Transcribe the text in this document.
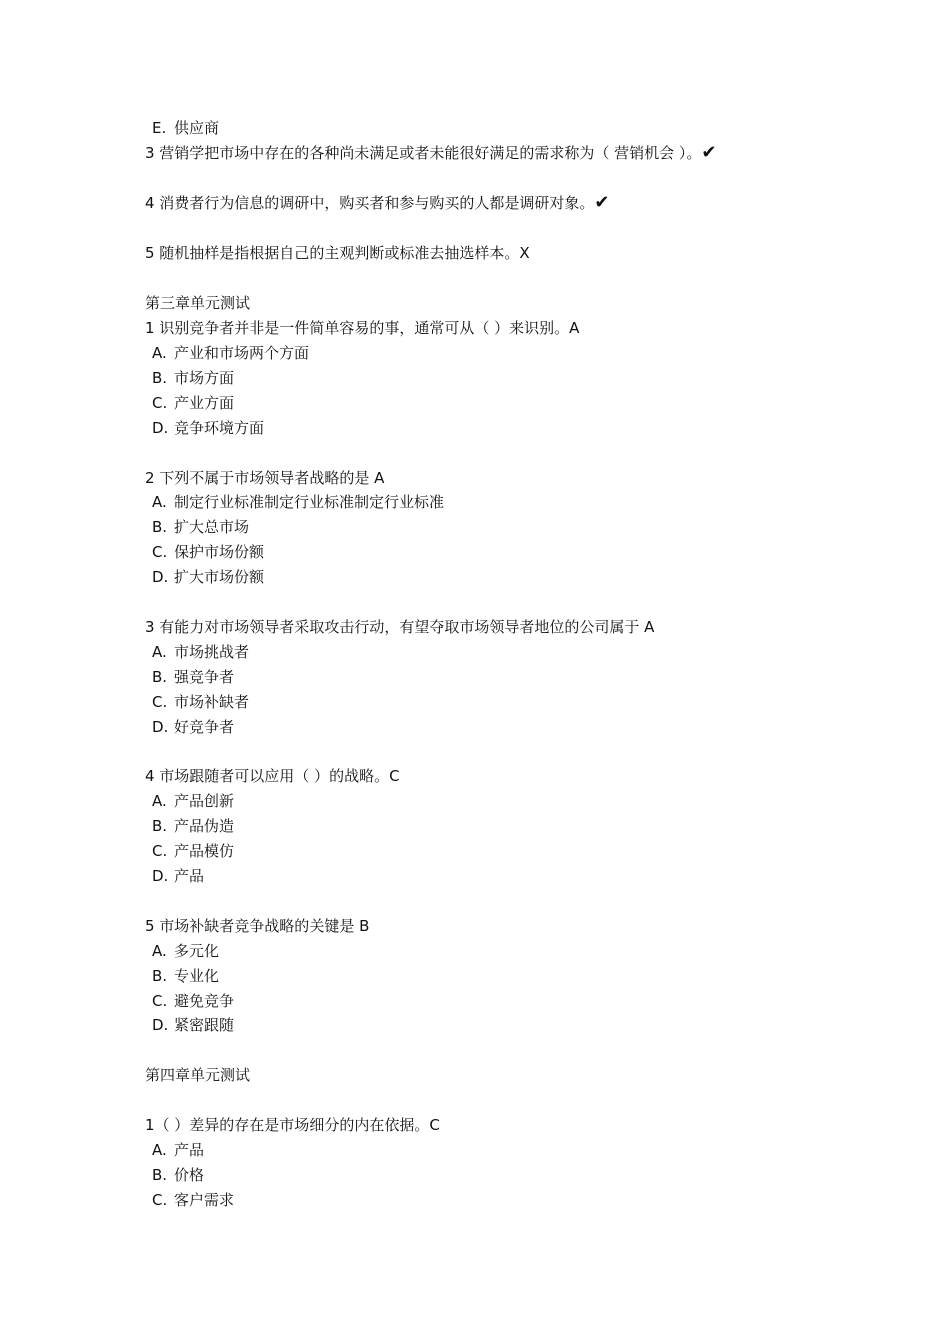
E. 供应商
3 营销学把市场中存在的各种尚未满足或者未能很好满足的需求称为（ 营销机会 ）。✔
4 消费者行为信息的调研中，购买者和参与购买的人都是调研对象。✔
5 随机抽样是指根据自己的主观判断或标准去抽选样本。X
第三章单元测试
1 识别竞争者并非是一件简单容易的事，通常可从（ ）来识别。A
A. 产业和市场两个方面
B. 市场方面
C. 产业方面
D. 竞争环境方面
2 下列不属于市场领导者战略的是 A
A. 制定行业标准制定行业标准制定行业标准
B. 扩大总市场
C. 保护市场份额
D. 扩大市场份额
3 有能力对市场领导者采取攻击行动，有望夺取市场领导者地位的公司属于 A
A. 市场挑战者
B. 强竞争者
C. 市场补缺者
D. 好竞争者
4 市场跟随者可以应用（ ）的战略。C
A. 产品创新
B. 产品伪造
C. 产品模仿
D. 产品
5 市场补缺者竞争战略的关键是 B
A. 多元化
B. 专业化
C. 避免竞争
D. 紧密跟随
第四章单元测试
1（ ）差异的存在是市场细分的内在依据。C
A. 产品
B. 价格
C. 客户需求
